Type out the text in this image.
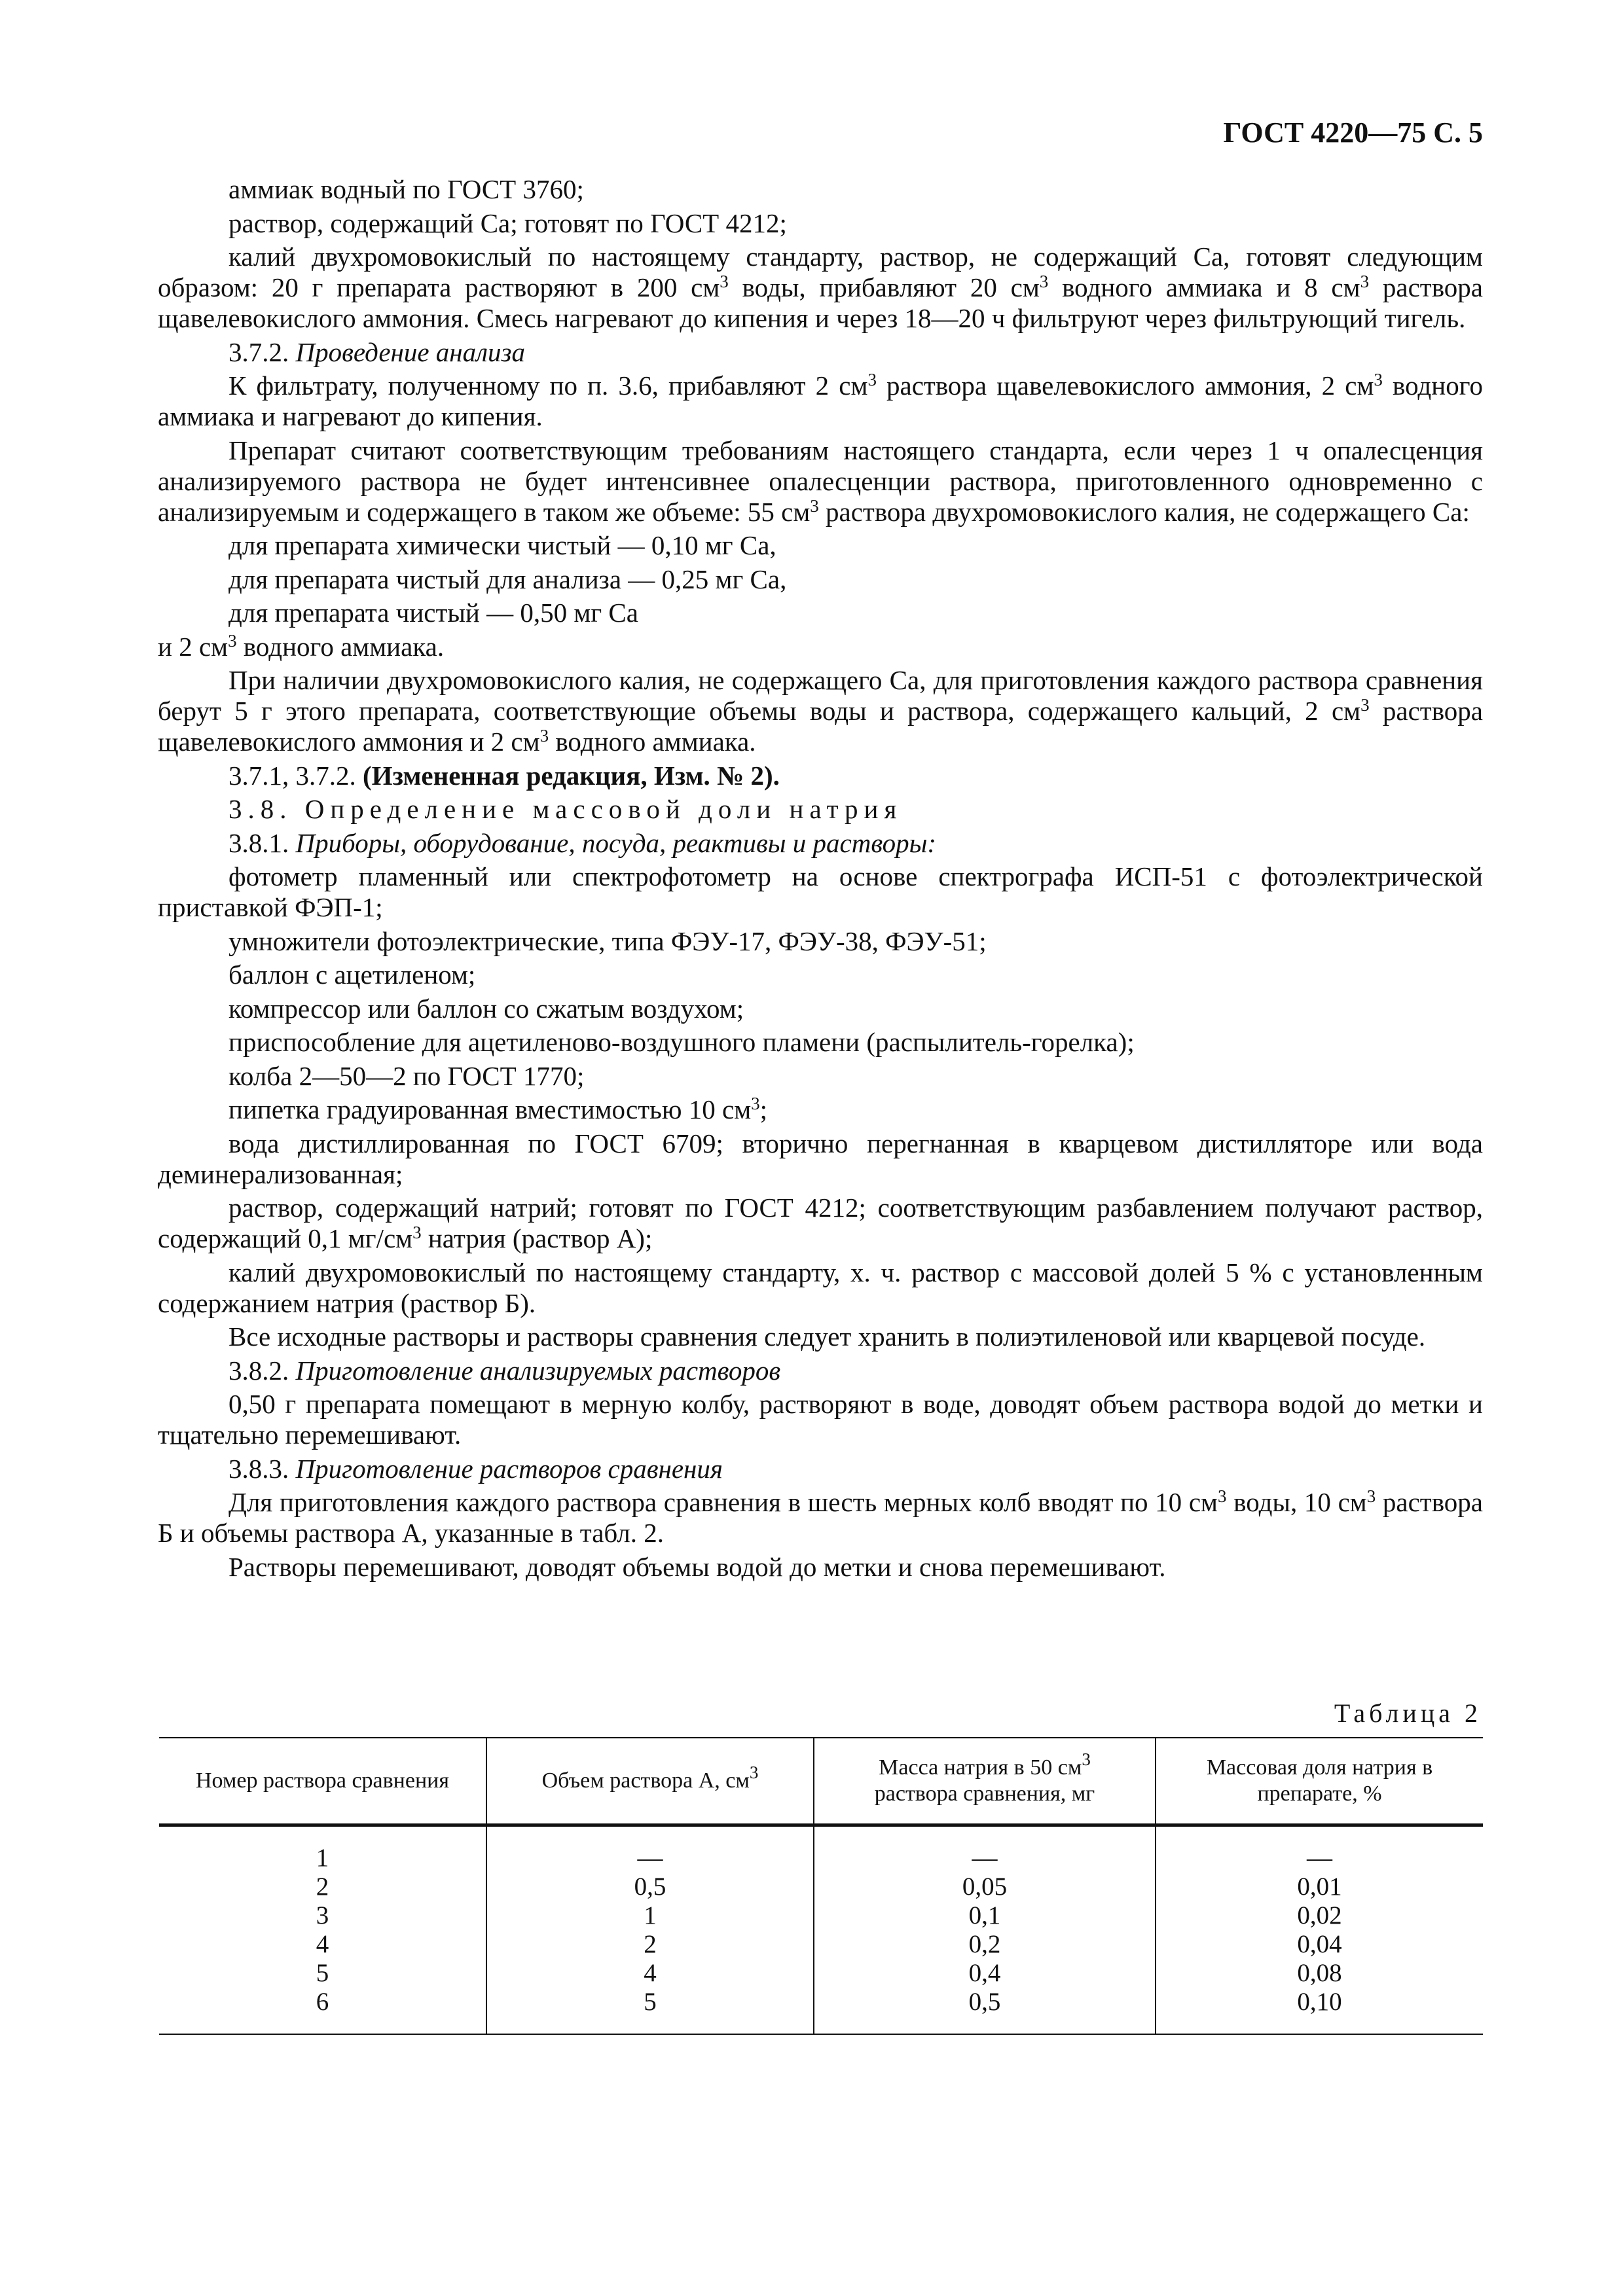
ГОСТ 4220—75 С. 5

аммиак водный по ГОСТ 3760;

раствор, содержащий Са; готовят по ГОСТ 4212;

калий двухромовокислый по настоящему стандарту, раствор, не содержащий Са, готовят следующим образом: 20 г препарата растворяют в 200 $см^3$ воды, прибавляют 20 $см^3$ водного аммиака и 8 $см^3$ раствора щавелевокислого аммония. Смесь нагревают до кипения и через 18—20 ч фильтруют через фильтрующий тигель.

3.7.2. Проведение анализа

К фильтрату, полученному по п. 3.6, прибавляют 2 $см^3$ раствора щавелевокислого аммония, 2 $см^3$ водного аммиака и нагревают до кипения.

Препарат считают соответствующим требованиям настоящего стандарта, если через 1 ч опалесценция анализируемого раствора не будет интенсивнее опалесценции раствора, приготовленного одновременно с анализируемым и содержащего в таком же объеме: 55 $см^3$ раствора двухромовокислого калия, не содержащего Са:

для препарата химически чистый — 0,10 мг Са,

для препарата чистый для анализа — 0,25 мг Са,

для препарата чистый — 0,50 мг Са

и 2 $см^3$ водного аммиака.

При наличии двухромовокислого калия, не содержащего Са, для приготовления каждого раствора сравнения берут 5 г этого препарата, соответствующие объемы воды и раствора, содержащего кальций, 2 $см^3$ раствора щавелевокислого аммония и 2 $см^3$ водного аммиака.

3.7.1, 3.7.2. (Измененная редакция, Изм. № 2).

3.8. Определение массовой доли натрия

3.8.1. Приборы, оборудование, посуда, реактивы и растворы:

фотометр пламенный или спектрофотометр на основе спектрографа ИСП-51 с фотоэлектрической приставкой ФЭП-1;

умножители фотоэлектрические, типа ФЭУ-17, ФЭУ-38, ФЭУ-51;

баллон с ацетиленом;

компрессор или баллон со сжатым воздухом;

приспособление для ацетиленово-воздушного пламени (распылитель-горелка);

колба 2—50—2 по ГОСТ 1770;

пипетка градуированная вместимостью 10 $см^3$;

вода дистиллированная по ГОСТ 6709; вторично перегнанная в кварцевом дистилляторе или вода деминерализованная;

раствор, содержащий натрий; готовят по ГОСТ 4212; соответствующим разбавлением получают раствор, содержащий 0,1 $мг/см^3$ натрия (раствор А);

калий двухромовокислый по настоящему стандарту, х. ч. раствор с массовой долей 5 % с установленным содержанием натрия (раствор Б).

Все исходные растворы и растворы сравнения следует хранить в полиэтиленовой или кварцевой посуде.

3.8.2. Приготовление анализируемых растворов

0,50 г препарата помещают в мерную колбу, растворяют в воде, доводят объем раствора водой до метки и тщательно перемешивают.

3.8.3. Приготовление растворов сравнения

Для приготовления каждого раствора сравнения в шесть мерных колб вводят по 10 $см^3$ воды, 10 $см^3$ раствора Б и объемы раствора А, указанные в табл. 2.

Растворы перемешивают, доводят объемы водой до метки и снова перемешивают.

Таблица 2
Номер раствора сравнения	Объем раствора А, $см^3$	Масса натрия в 50 $см^3$
раствора сравнения, мг	Массовая доля натрия в препарате, %
1	—	—	—
2	0,5	0,05	0,01
3	1	0,1	0,02
4	2	0,2	0,04
5	4	0,4	0,08
6	5	0,5	0,10
